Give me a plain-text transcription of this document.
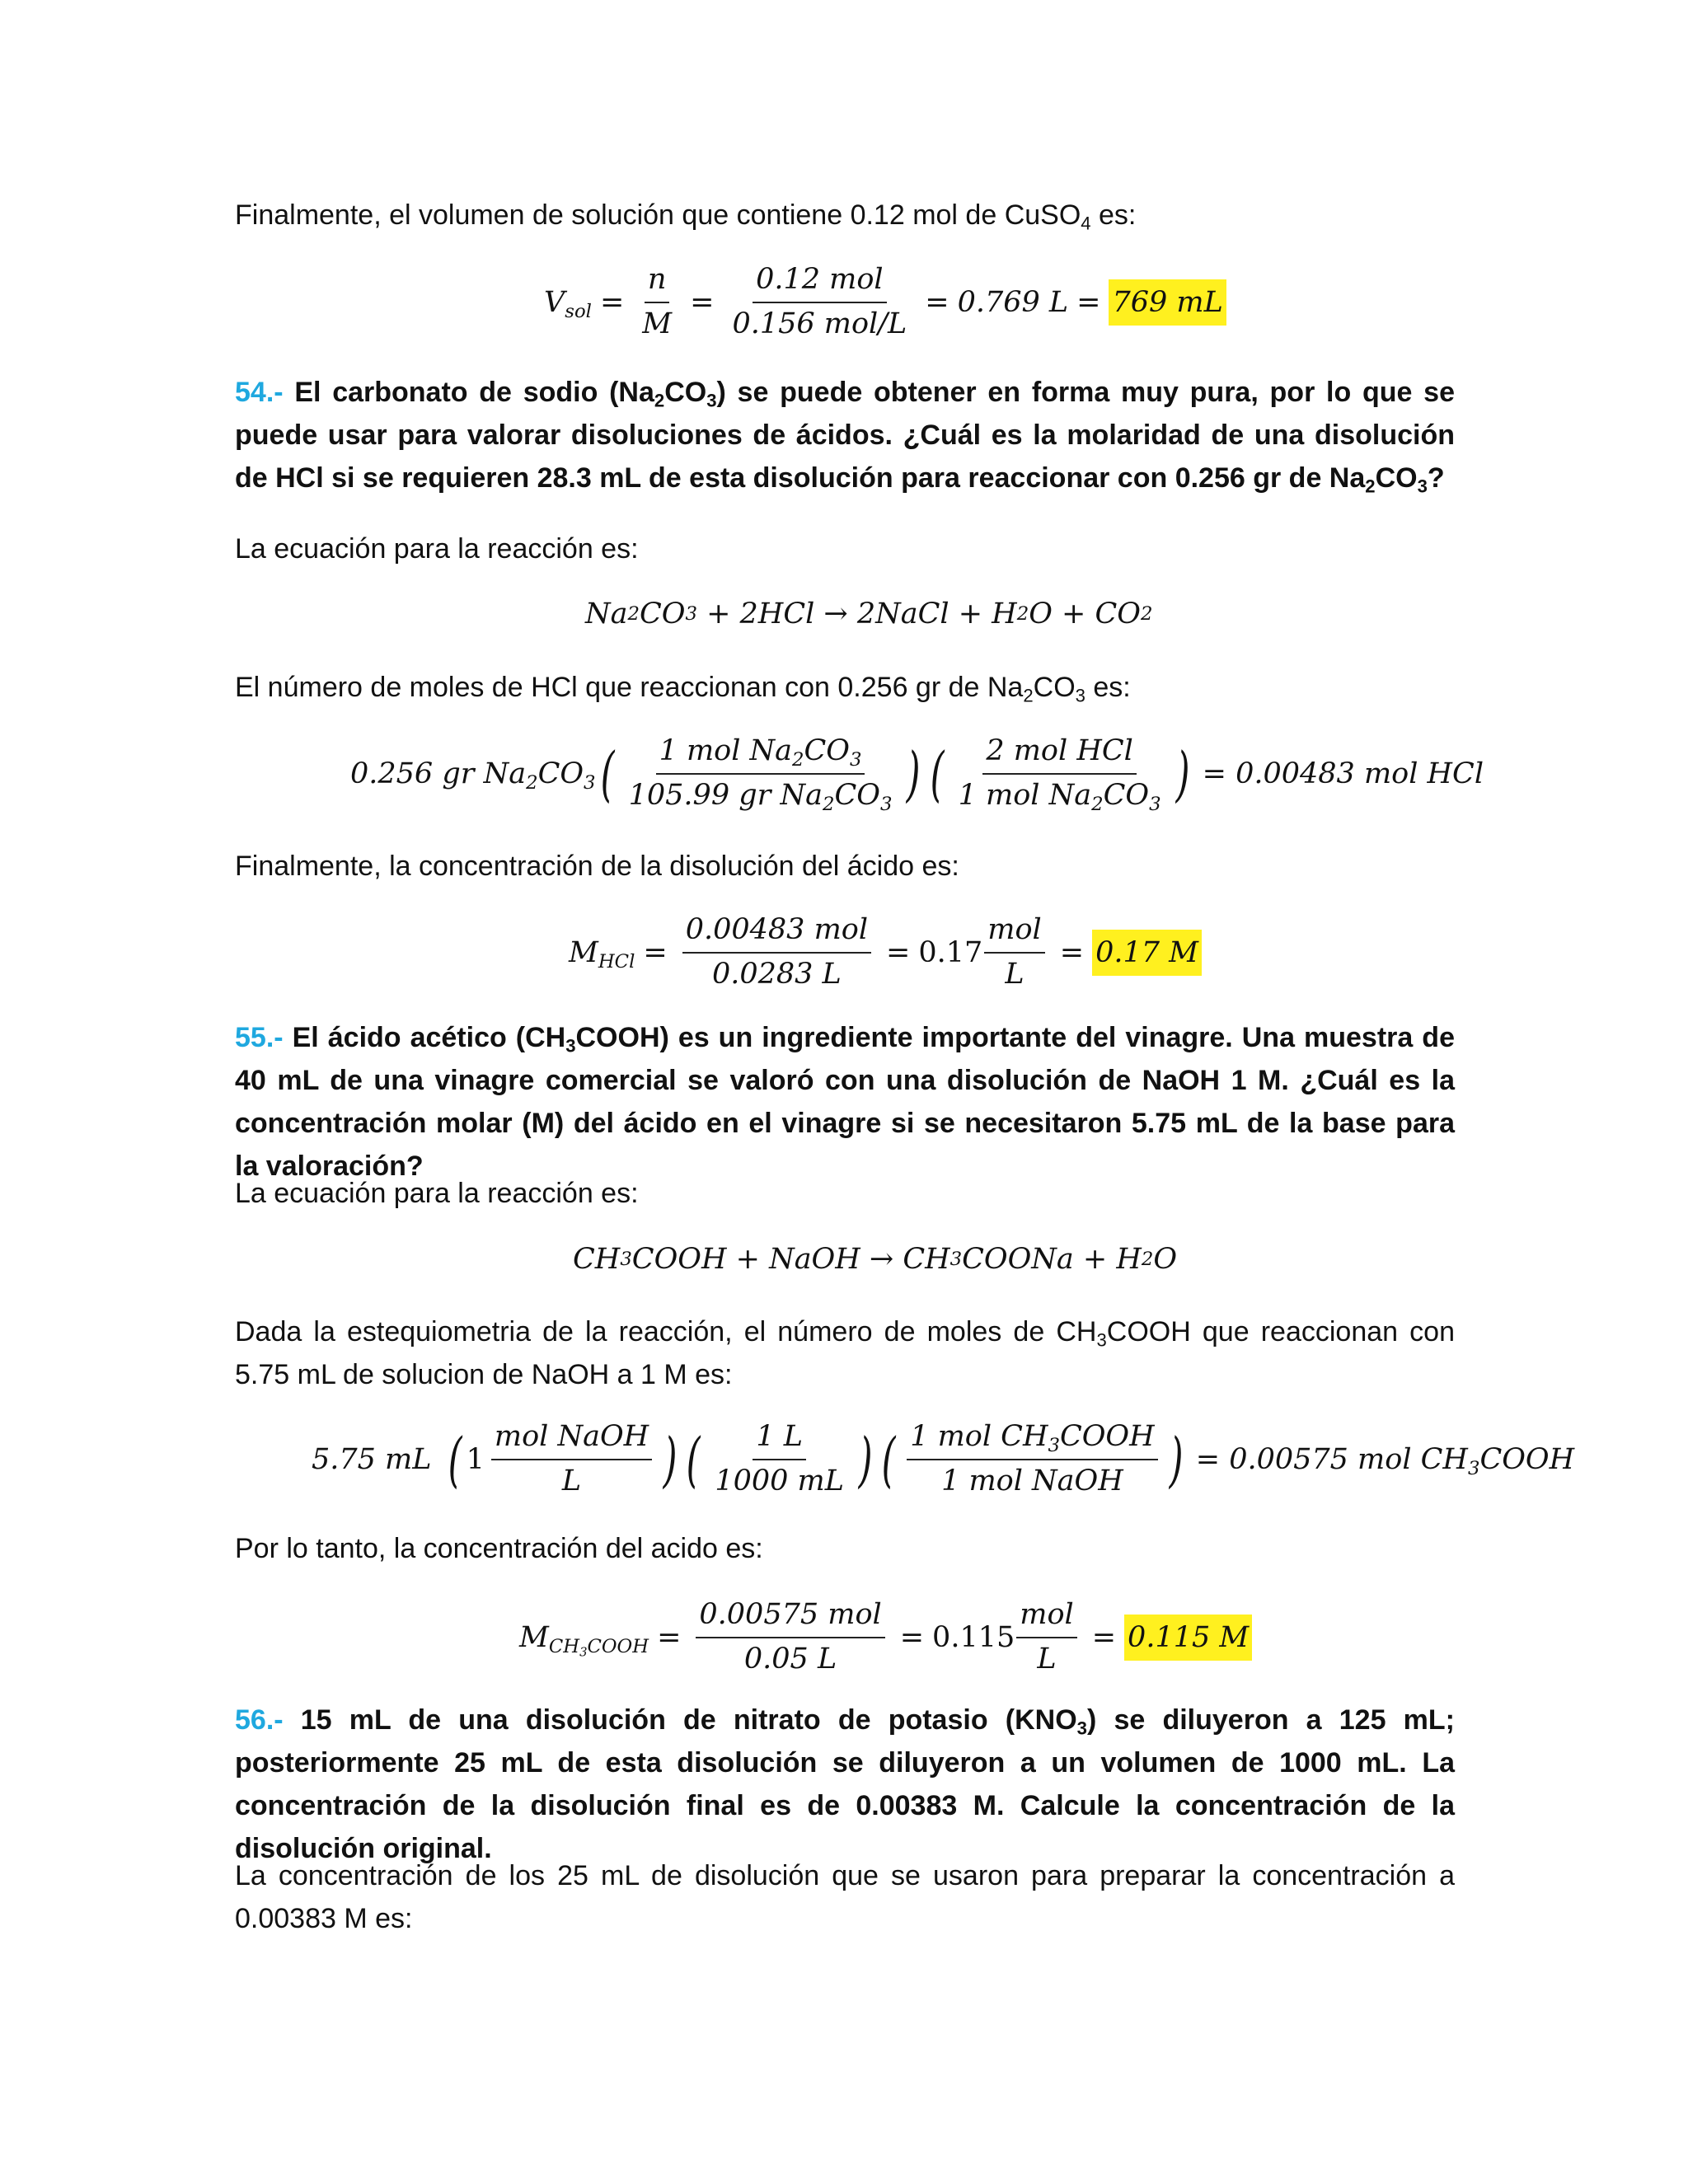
Finalmente, el volumen de solución que contiene 0.12 mol de CuSO$_4$ es:

$V_{sol} = \frac{n}{M} = \frac{\text{0.12 mol}}{\text{0.156 mol/L}} = 0.769$ L = 769 mL

54.- El carbonato de sodio $(Na_2CO_3)$ se puede obtener en forma muy pura, por lo que se puede usar para valorar disoluciones de ácidos. ¿Cuál es la molaridad de una disolución de HCl si se requieren 28.3 mL de esta disolución para reaccionar con 0.256 gr de $Na_2CO_3$?

La ecuación para la reacción es:

Na 2 CO 3 + 2HCl → 2NaCl + H 2 O + CO 2

El número de moles de HCl que reaccionan con 0.256 gr de $Na_2CO_3$ es:

0.256 gr $Na_2CO_3$ ( $\frac{1 mol Na_2CO_3}{105.99 gr Na_2CO_3}$ ) ( $\frac{\text{2 mol HCl}}{1 mol Na_2CO_3}$ ) = 0.00483 mol HCl

Finalmente, la concentración de la disolución del ácido es:

$M_{HCl} = \frac{\text{0.00483 mol}}{0.0283 L} = 0.17 \frac{\text{mol}}{L} = 0.17$ M

55.- El ácido acético $(CH_3COOH)$ es un ingrediente importante del vinagre. Una muestra de 40 mL de una vinagre comercial se valoró con una disolución de NaOH 1 M. ¿Cuál es la concentración molar (M) del ácido en el vinagre si se necesitaron 5.75 mL de la base para la valoración?

La ecuación para la reacción es:

CH 3 COOH + NaOH → CH 3 COONa + H 2 O

Dada la estequiometria de la reacción, el número de moles de $CH_3COOH$ que reaccionan con 5.75 mL de solucion de NaOH a 1 M es:

5.75 mL ( $1 \frac{\text{mol NaOH}}{L}$ ) ( $\frac{1 L}{1000 mL}$ ) ( $\frac{1 mol CH_3COOH}{\text{1 mol NaOH}}$ ) = 0.00575 mol $CH_3COOH$

Por lo tanto, la concentración del acido es:

$M_{CH_3COOH} = \frac{\text{0.00575 mol}}{0.05 L} = 0.115 \frac{\text{mol}}{L} = 0.115$ M

56.- 15 mL de una disolución de nitrato de potasio $(KNO_3)$ se diluyeron a 125 mL; posteriormente 25 mL de esta disolución se diluyeron a un volumen de 1000 mL. La concentración de la disolución final es de 0.00383 M. Calcule la concentración de la disolución original.

La concentración de los 25 mL de disolución que se usaron para preparar la concentración a 0.00383 M es:
